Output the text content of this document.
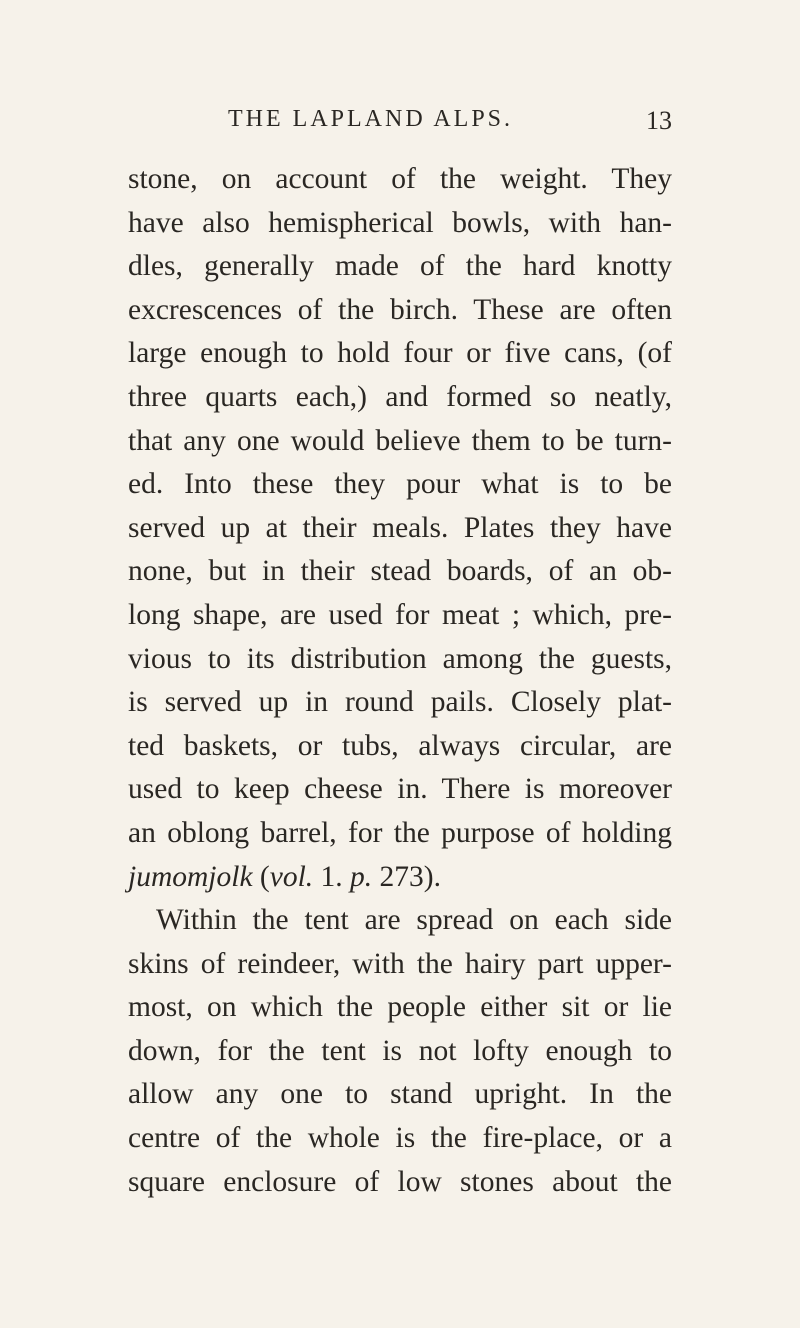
THE LAPLAND ALPS.	13
stone, on account of the weight. They
have also hemispherical bowls, with han-
dles, generally made of the hard knotty
excrescences of the birch. These are often
large enough to hold four or five cans, (of
three quarts each,) and formed so neatly,
that any one would believe them to be turn-
ed. Into these they pour what is to be
served up at their meals. Plates they have
none, but in their stead boards, of an ob-
long shape, are used for meat ; which, pre-
vious to its distribution among the guests,
is served up in round pails. Closely plat-
ted baskets, or tubs, always circular, are
used to keep cheese in. There is moreover
an oblong barrel, for the purpose of holding
jumomjolk (vol. 1. p. 273).
Within the tent are spread on each side
skins of reindeer, with the hairy part upper-
most, on which the people either sit or lie
down, for the tent is not lofty enough to
allow any one to stand upright. In the
centre of the whole is the fire-place, or a
square enclosure of low stones about the
